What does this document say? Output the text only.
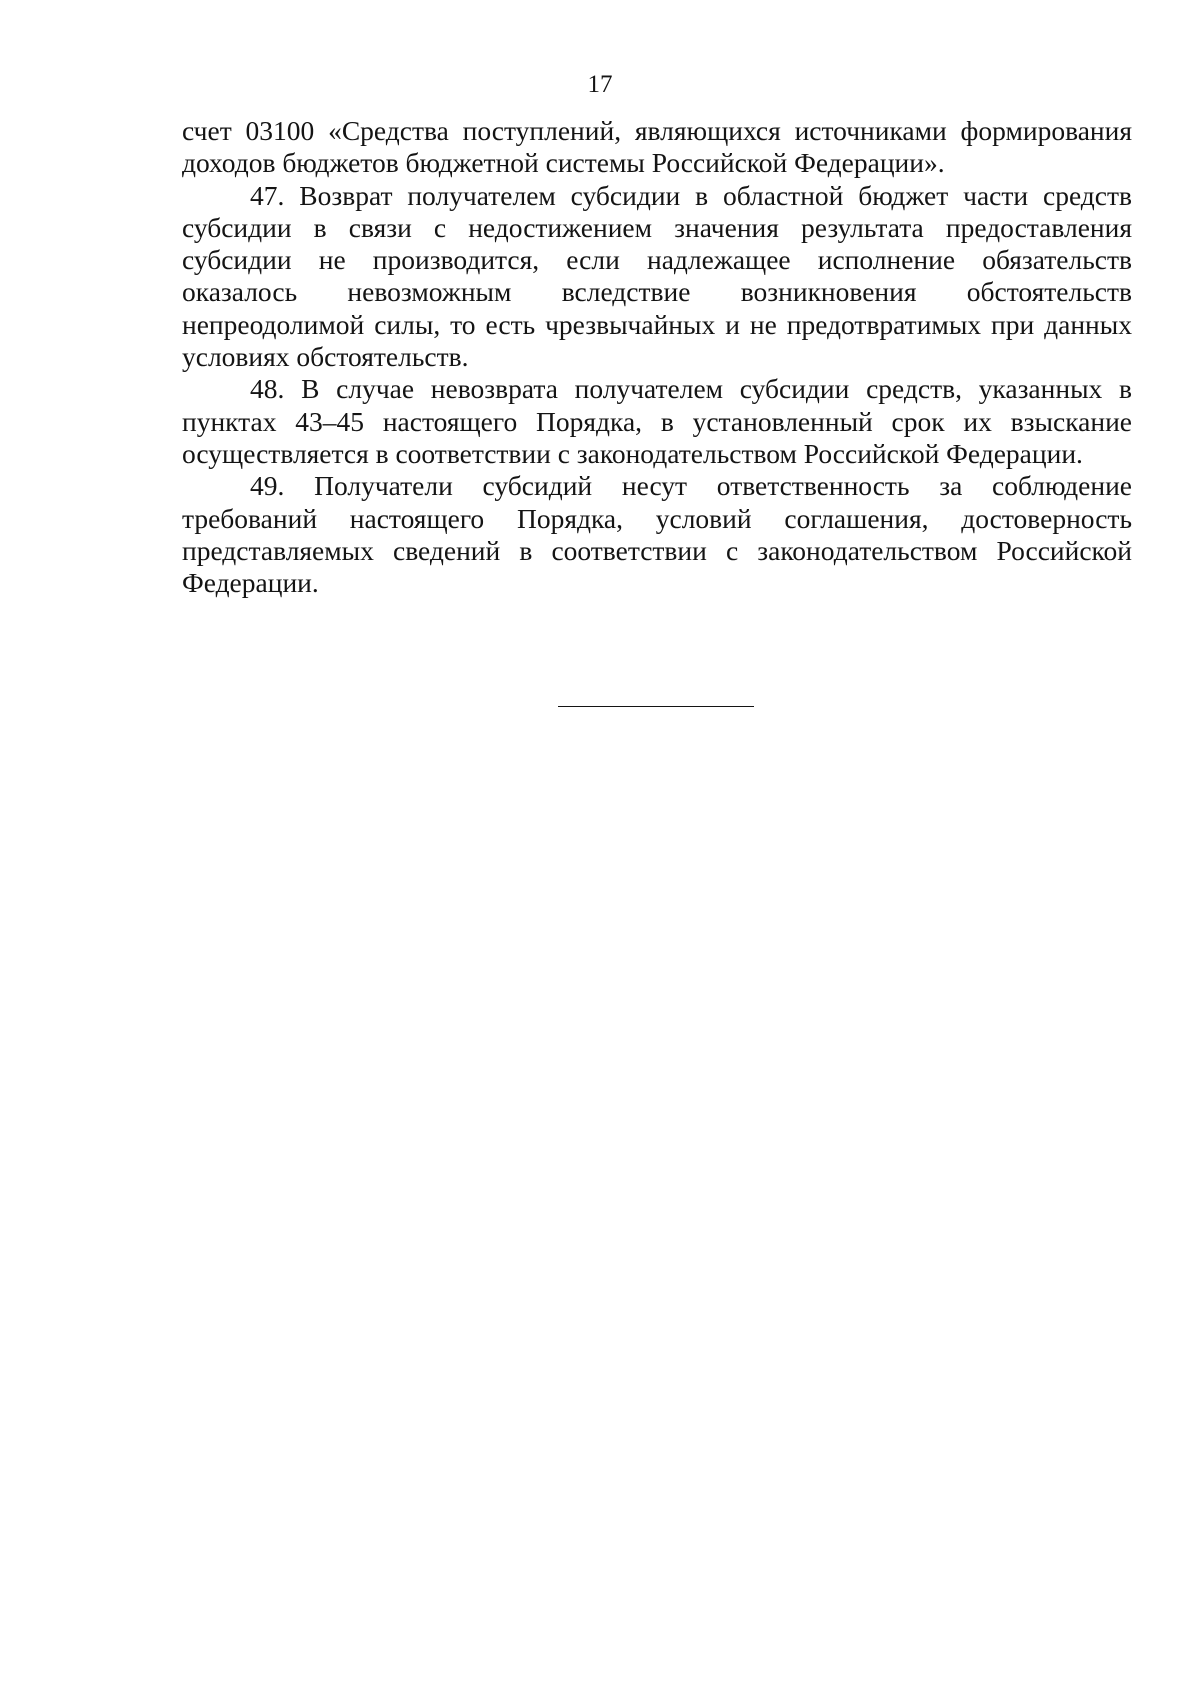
17

счет 03100 «Средства поступлений, являющихся источниками формирования доходов бюджетов бюджетной системы Российской Федерации».

47. Возврат получателем субсидии в областной бюджет части средств субсидии в связи с недостижением значения результата предоставления субсидии не производится, если надлежащее исполнение обязательств оказалось невозможным вследствие возникновения обстоятельств непреодолимой силы, то есть чрезвычайных и не предотвратимых при данных условиях обстоятельств.

48. В случае невозврата получателем субсидии средств, указанных в пунктах 43–45 настоящего Порядка, в установленный срок их взыскание осуществляется в соответствии с законодательством Российской Федерации.

49. Получатели субсидий несут ответственность за соблюдение требований настоящего Порядка, условий соглашения, достоверность представляемых сведений в соответствии с законодательством Российской Федерации.
